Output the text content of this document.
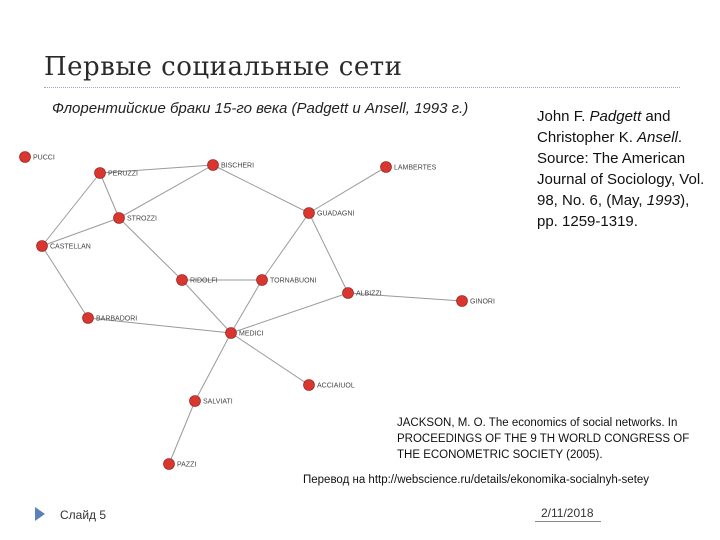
Первые социальные сети
Флорентийские браки 15-го века (Padgett и Ansell, 1993 г.)	John F. Padgett and Christopher K. Ansell. Source: The American Journal of Sociology, Vol. 98, No. 6, (May, 1993), pp. 1259-1319.
PUCCI
PERUZZI
BISCHERI	LAMBERTES
STROZZI
GUADAGNI
CASTELLAN
RIDOLFI	TORNABUONI
ALBIZZI
GINORI
BARBADORI
MEDICI
ACCIAIUOL
SALVIATI
PAZZI
JACKSON, M. O. The economics of social networks. In PROCEEDINGS OF THE 9 TH WORLD CONGRESS OF THE ECONOMETRIC SOCIETY (2005).
Перевод на http://webscience.ru/details/ekonomika-socialnyh-setey
Слайд 5	2/11/2018
